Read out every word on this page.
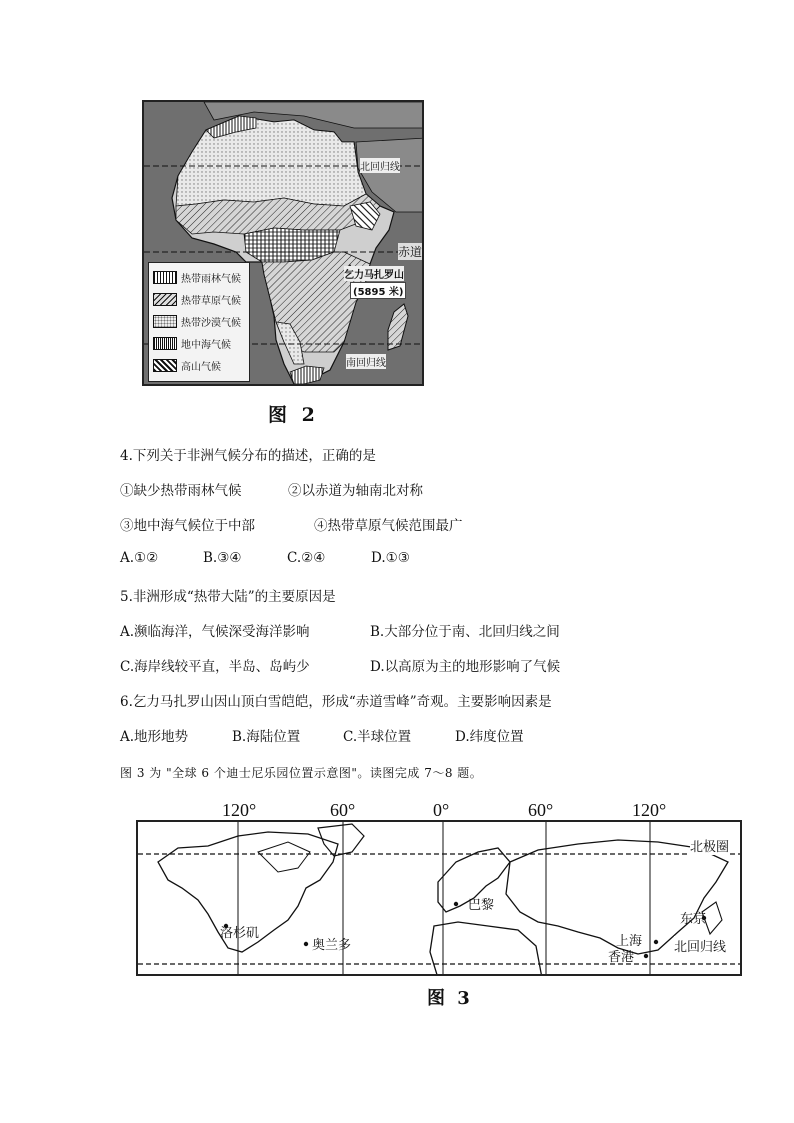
北回归线
赤道
乞力马扎罗山
(5895 米)
南回归线
热带雨林气候
热带草原气候
热带沙漠气候
地中海气候
高山气候
图 2
4.下列关于非洲气候分布的描述，正确的是
①缺少热带雨林气候	②以赤道为轴南北对称
③地中海气候位于中部	④热带草原气候范围最广
A.①②	B.③④	C.②④	D.①③
5.非洲形成“热带大陆”的主要原因是
A.濒临海洋，气候深受海洋影响	B.大部分位于南、北回归线之间
C.海岸线较平直，半岛、岛屿少	D.以高原为主的地形影响了气候
6.乞力马扎罗山因山顶白雪皑皑，形成“赤道雪峰”奇观。主要影响因素是
A.地形地势	B.海陆位置	C.半球位置	D.纬度位置
图 3 为 "全球 6 个迪士尼乐园位置示意图"。读图完成 7～8 题。
120°	60°	0°	60°	120°
北极圈
北回归线
洛杉矶
奥兰多
巴黎
上海
香港
东京
图 3
